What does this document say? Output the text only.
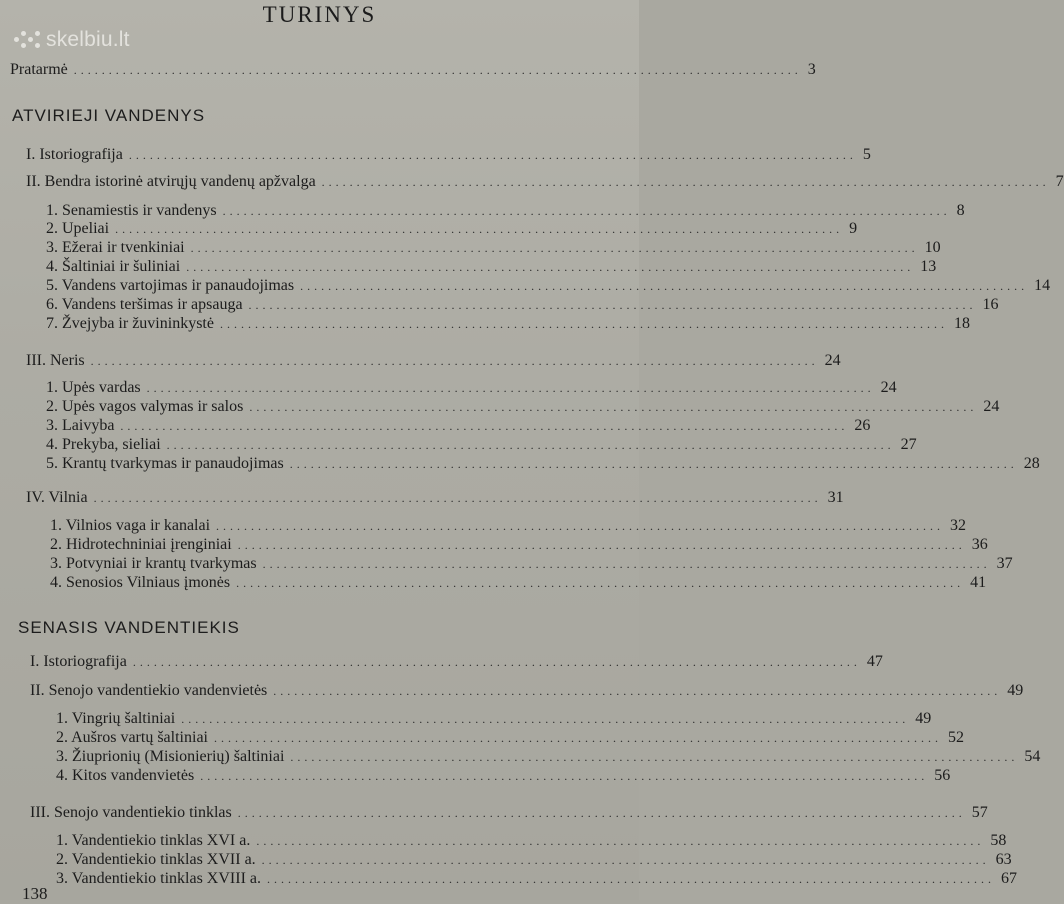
TURINYS
skelbiu.lt
Pratarmė ........................................................................................................ 3
ATVIRIEJI VANDENYS
I. Istoriografija ........................................................................................................ 5
II. Bendra istorinė atvirųjų vandenų apžvalga ........................................................................................................ 7
1. Senamiestis ir vandenys ........................................................................................................ 8
2. Upeliai ........................................................................................................ 9
3. Ežerai ir tvenkiniai ........................................................................................................ 10
4. Šaltiniai ir šuliniai ........................................................................................................ 13
5. Vandens vartojimas ir panaudojimas ........................................................................................................ 14
6. Vandens teršimas ir apsauga ........................................................................................................ 16
7. Žvejyba ir žuvininkystė ........................................................................................................ 18
III. Neris ........................................................................................................ 24
1. Upės vardas ........................................................................................................ 24
2. Upės vagos valymas ir salos ........................................................................................................ 24
3. Laivyba ........................................................................................................ 26
4. Prekyba, sieliai ........................................................................................................ 27
5. Krantų tvarkymas ir panaudojimas ........................................................................................................ 28
IV. Vilnia ........................................................................................................ 31
1. Vilnios vaga ir kanalai ........................................................................................................ 32
2. Hidrotechniniai įrenginiai ........................................................................................................ 36
3. Potvyniai ir krantų tvarkymas ........................................................................................................ 37
4. Senosios Vilniaus įmonės ........................................................................................................ 41
SENASIS VANDENTIEKIS
I. Istoriografija ........................................................................................................ 47
II. Senojo vandentiekio vandenvietės ........................................................................................................ 49
1. Vingrių šaltiniai ........................................................................................................ 49
2. Aušros vartų šaltiniai ........................................................................................................ 52
3. Žiuprionių (Misionierių) šaltiniai ........................................................................................................ 54
4. Kitos vandenvietės ........................................................................................................ 56
III. Senojo vandentiekio tinklas ........................................................................................................ 57
1. Vandentiekio tinklas XVI a. ........................................................................................................ 58
2. Vandentiekio tinklas XVII a. ........................................................................................................ 63
3. Vandentiekio tinklas XVIII a. ........................................................................................................ 67
138
